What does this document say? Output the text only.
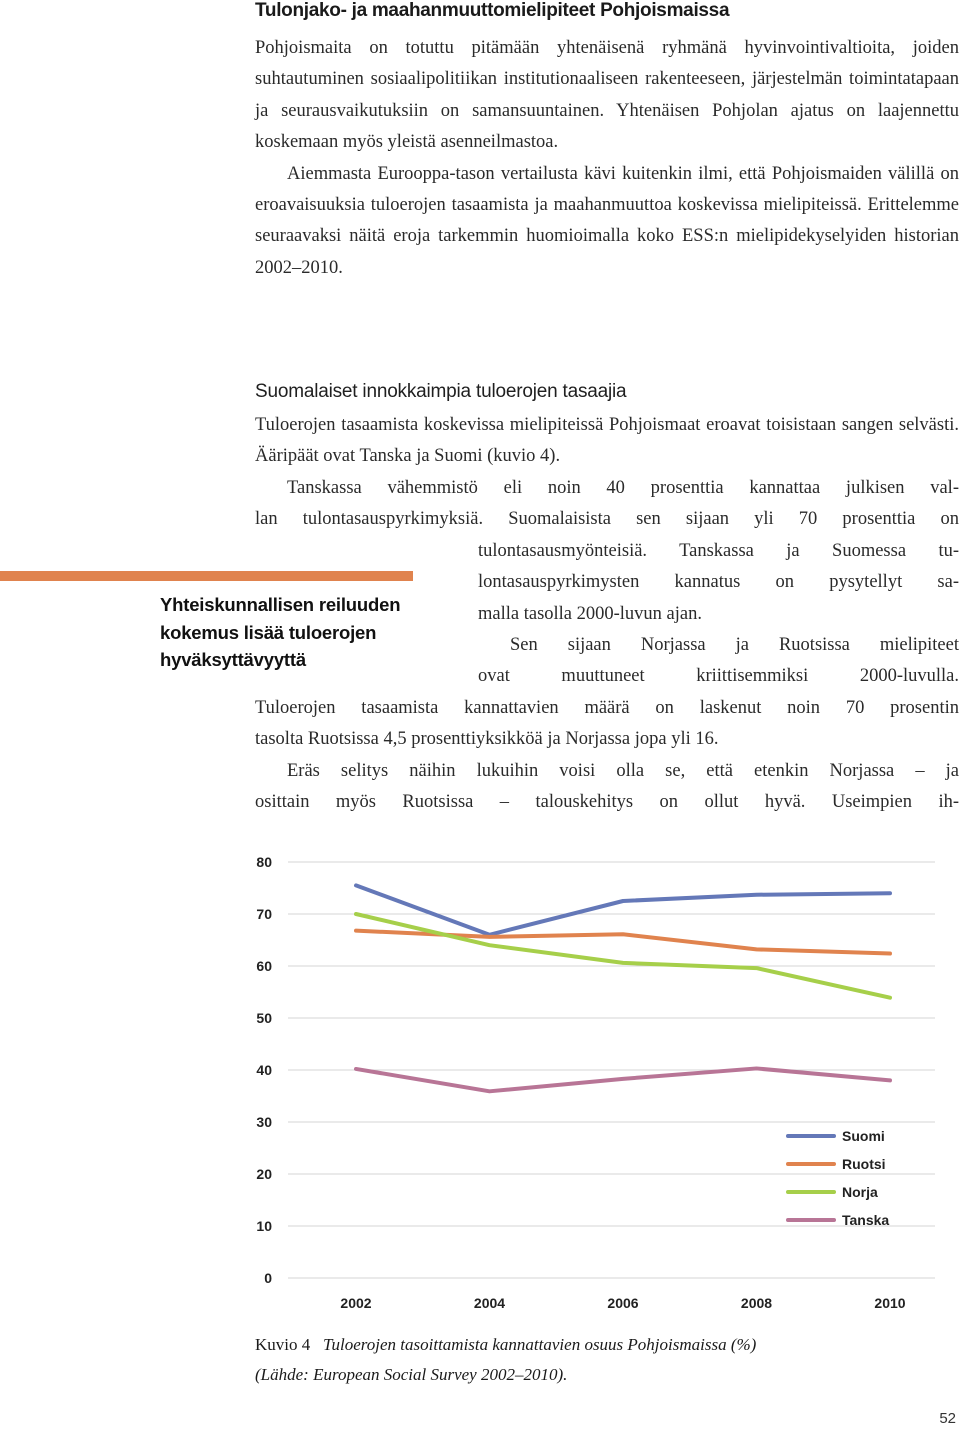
Tulonjako- ja maahanmuuttomielipiteet Pohjoismaissa

Pohjoismaita on totuttu pitämään yhtenäisenä ryhmänä hyvinvointivaltioita, joiden suhtautuminen sosiaalipolitiikan institutionaaliseen rakenteeseen, järjestelmän toimintatapaan ja seurausvaikutuksiin on samansuuntainen. Yhtenäisen Pohjolan ajatus on laajennettu koskemaan myös yleistä asenneilmastoa.

Aiemmasta Eurooppa-tason vertailusta kävi kuitenkin ilmi, että Pohjoismaiden välillä on eroavaisuuksia tuloerojen tasaamista ja maahanmuuttoa koskevissa mielipiteissä. Erittelemme seuraavaksi näitä eroja tarkemmin huomioimalla koko ESS:n mielipidekyselyiden historian 2002–2010.

Suomalaiset innokkaimpia tuloerojen tasaajia
Tuloerojen tasaamista koskevissa mielipiteissä Pohjoismaat eroavat toisistaan sangen selvästi. Ääripäät ovat Tanska ja Suomi (kuvio 4).
Tanskassa vähemmistö eli noin 40 prosenttia kannattaa julkisen val-
lan tulontasauspyrkimyksiä. Suomalaisista sen sijaan yli 70 prosenttia on
tulontasausmyönteisiä. Tanskassa ja Suomessa tu-
lontasauspyrkimysten kannatus on pysytellyt sa-
malla tasolla 2000-luvun ajan.
Sen sijaan Norjassa ja Ruotsissa mielipiteet
ovat muuttuneet kriittisemmiksi 2000-luvulla.
Tuloerojen tasaamista kannattavien määrä on laskenut noin 70 prosentin
tasolta Ruotsissa 4,5 prosenttiyksikköä ja Norjassa jopa yli 16.
Eräs selitys näihin lukuihin voisi olla se, että etenkin Norjassa – ja
osittain myös Ruotsissa – talouskehitys on ollut hyvä. Useimpien ih-
Yhteiskunnallisen reiluuden kokemus lisää tuloerojen hyväksyttävyyttä
0
10
20
30
40
50
60
70
80
2002	2004	2006	2008	2010
Suomi
Ruotsi
Norja
Tanska
Kuvio 4 Tuloerojen tasoittamista kannattavien osuus Pohjoismaissa (%)
(Lähde: European Social Survey 2002–2010).
52
